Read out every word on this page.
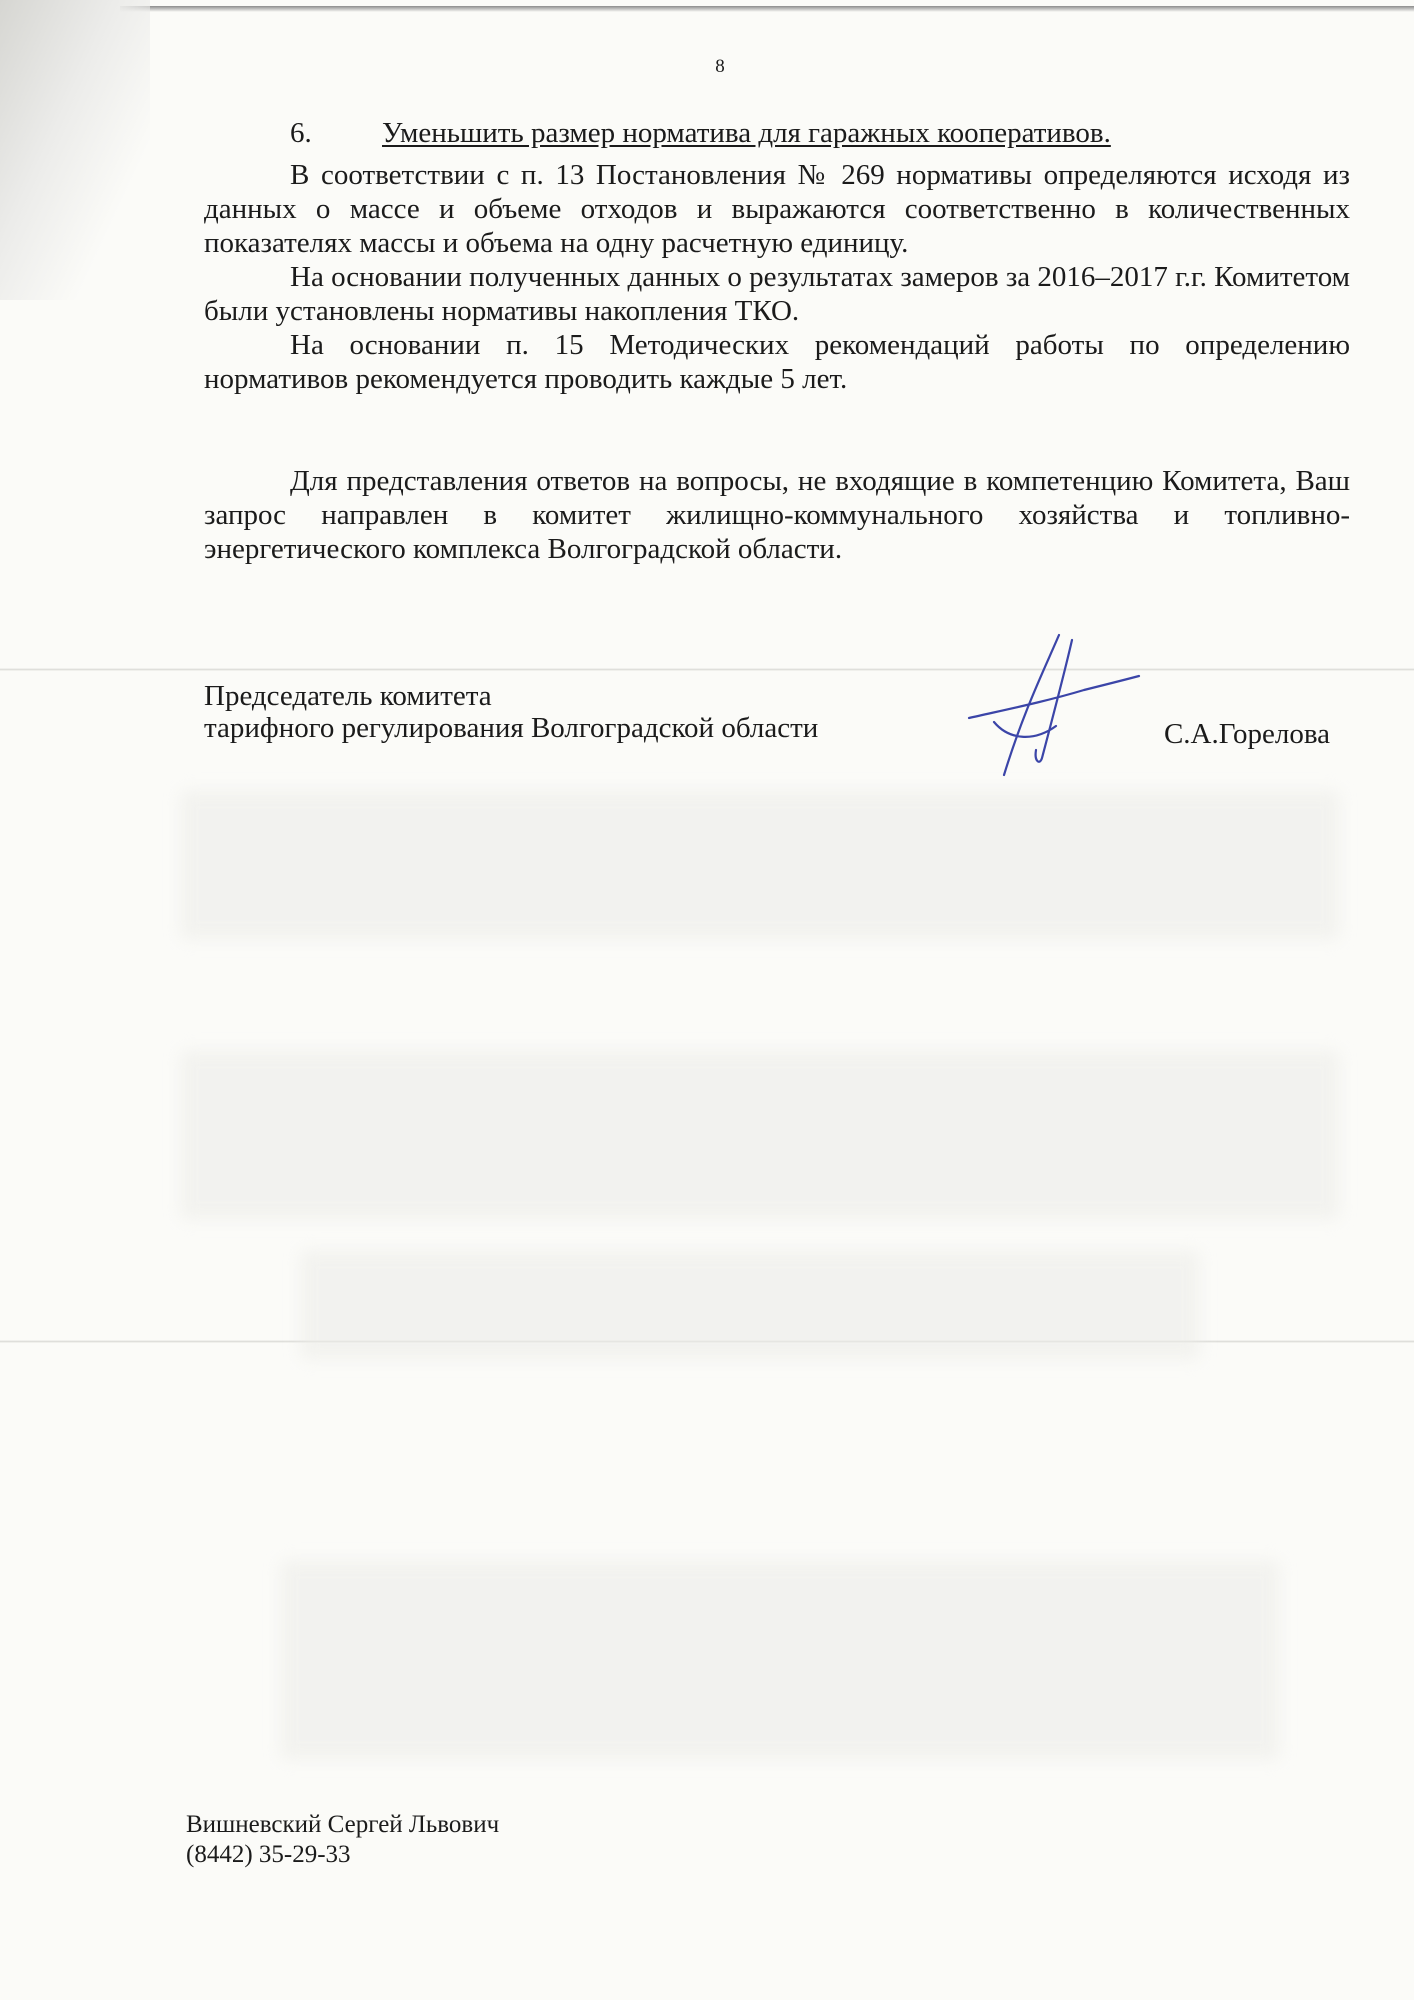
8
6. Уменьшить размер норматива для гаражных кооперативов.

В соответствии с п. 13 Постановления № 269 нормативы определяются исходя из данных о массе и объеме отходов и выражаются соответственно в количественных показателях массы и объема на одну расчетную единицу.

На основании полученных данных о результатах замеров за 2016–2017 г.г. Комитетом были установлены нормативы накопления ТКО.

На основании п. 15 Методических рекомендаций работы по определению нормативов рекомендуется проводить каждые 5 лет.

Для представления ответов на вопросы, не входящие в компетенцию Комитета, Ваш запрос направлен в комитет жилищно-коммунального хозяйства и топливно-энергетического комплекса Волгоградской области.

Председатель комитета
тарифного регулирования Волгоградской области	С.А.Горелова
Вишневский Сергей Львович
(8442) 35-29-33
